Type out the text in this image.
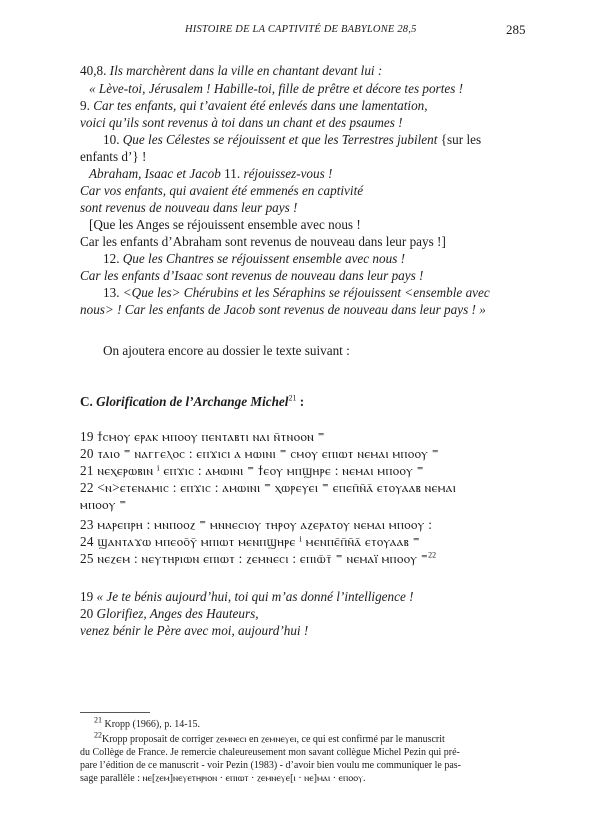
HISTOIRE DE LA CAPTIVITÉ DE BABYLONE 28,5	285
40,8. Ils marchèrent dans la ville en chantant devant lui :
« Lève-toi, Jérusalem ! Habille-toi, fille de prêtre et décore tes portes !
9. Car tes enfants, qui t’avaient été enlevés dans une lamentation,
voici qu’ils sont revenus à toi dans un chant et des psaumes !
10. Que les Célestes se réjouissent et que les Terrestres jubilent {sur les
enfants d’} !
Abraham, Isaac et Jacob 11. réjouissez-vous !
Car vos enfants, qui avaient été emmenés en captivité
sont revenus de nouveau dans leur pays !
[Que les Anges se réjouissent ensemble avec nous !
Car les enfants d’Abraham sont revenus de nouveau dans leur pays !]
12. Que les Chantres se réjouissent ensemble avec nous !
Car les enfants d’Isaac sont revenus de nouveau dans leur pays !
13. <Que les> Chérubins et les Séraphins se réjouissent <ensemble avec
nous> ! Car les enfants de Jacob sont revenus de nouveau dans leur pays ! »
On ajoutera encore au dossier le texte suivant :
C. Glorification de l’Archange Michel$^{21}$ :
19 ϯⲥⲙⲟⲩ ⲉⲣⲁⲕ ⲙⲡⲟⲟⲩ ⲡⲉⲛⲧⲁⲃⲧⲓ ⲛⲁⲓ ⲛ̄ⲧⲛⲟⲟⲛ ⁼
20 ⲧⲁⲓⲟ ⁼ ⲛⲁⲅⲅⲉⲗⲟⲥ : ⲉⲡϫⲓⲥⲓ ⲁ ⲙⲱⲓⲛⲓ ⁼ ⲥⲙⲟⲩ ⲉⲡⲓⲱⲧ ⲛⲉⲙⲁⲓ ⲙⲡⲟⲟⲩ ⁼
21 ⲛⲉⲭⲉⲣⲱⲃⲓⲛ ⁱ ⲉⲡϫⲓⲥ : ⲁⲙⲱⲓⲛⲓ ⁼ ϯⲉⲟⲩ ⲙⲡϣⲏⲣⲉ : ⲛⲉⲙⲁⲓ ⲙⲡⲟⲟⲩ ⁼
22 <ⲛ>ⲉⲧⲉⲛⲁⲙⲓⲥ : ⲉⲡϫⲓⲥ : ⲁⲙⲱⲓⲛⲓ ⁼ ⲭⲱⲣⲉⲩⲉⲓ ⁼ ⲉⲡⲉⲡ̄ⲛ̄ⲁ̄ ⲉⲧⲟⲩⲁⲁⲃ ⲛⲉⲙⲁⲓ
ⲙⲡⲟⲟⲩ ⁼
23 ⲙⲁⲣⲉⲡⲣⲏ : ⲙⲛⲡⲟⲟⲍ ⁼ ⲙⲛⲛⲉⲥⲓⲟⲩ ⲧⲏⲣⲟⲩ ⲁⲍⲉⲣⲁⲧⲟⲩ ⲛⲉⲙⲁⲓ ⲙⲡⲟⲟⲩ :
24 ϣⲁⲛⲧⲁϫⲱ ⲙⲡⲉⲟⲟ̄ⲩ̄ ⲙⲡⲓⲱⲧ ⲙⲉⲛⲡϣⲏⲣⲉ ⁱ ⲙⲉⲛⲡⲉ̄ⲡ̄ⲛ̄ⲁ̄ ⲉⲧⲟⲩⲁⲁⲃ ⁼
25 ⲛⲉⲍⲉⲙ : ⲛⲉⲩⲧⲏⲣⲓⲱⲛ ⲉⲡⲓⲱⲧ : ⲍⲉⲙⲛⲉⲥⲓ : ⲉⲡⲓⲱ̄ⲧ̄ ⁼ ⲛⲉⲙⲁⲓ̈ ⲙⲡⲟⲟⲩ ⁼$^{22}$
19 « Je te bénis aujourd’hui, toi qui m’as donné l’intelligence !
20 Glorifiez, Anges des Hauteurs,
venez bénir le Père avec moi, aujourd’hui !
$^{21}$ Kropp (1966), p. 14-15.
$^{22}$Kropp proposait de corriger ⲍⲉⲙⲛⲉⲥⲓ en ⲍⲉⲙⲛⲉⲩⲉⲓ, ce qui est confirmé par le manuscrit
du Collège de France. Je remercie chaleureusement mon savant collègue Michel Pezin qui pré-
pare l’édition de ce manuscrit - voir Pezin (1983) - d’avoir bien voulu me communiquer le pas-
sage parallèle : ⲛⲉ[ⲍⲉⲙ]ⲛⲉⲩⲉⲧⲏⲣⲓⲟⲛ · ⲉⲡⲓⲱⲧ · ⲍⲉⲙⲛⲉⲩⲉ[ⲓ · ⲛⲉ]ⲙⲁⲓ · ⲉⲡⲟⲟⲩ.
